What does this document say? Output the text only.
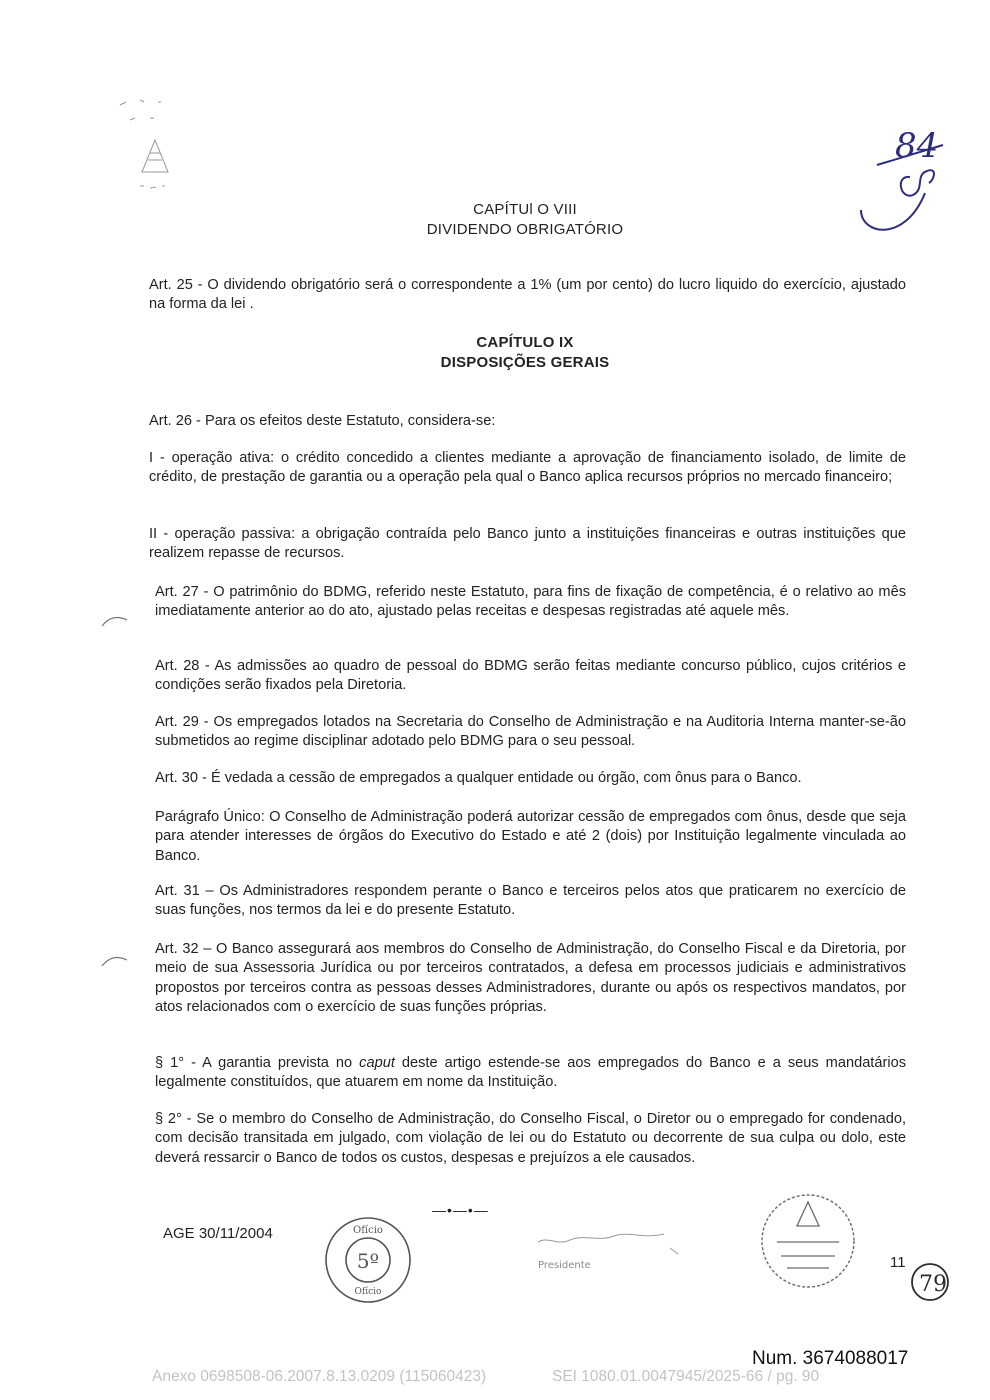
84
CAPÍTUl O VIII
DIVIDENDO OBRIGATÓRIO
Art. 25 - O dividendo obrigatório será o correspondente a 1% (um por cento) do lucro liquido do exercício, ajustado na forma da lei .
CAPÍTULO IX
DISPOSIÇÕES GERAIS
Art. 26 - Para os efeitos deste Estatuto, considera-se:
I - operação ativa: o crédito concedido a clientes mediante a aprovação de financiamento isolado, de limite de crédito, de prestação de garantia ou a operação pela qual o Banco aplica recursos próprios no mercado financeiro;
II - operação passiva: a obrigação contraída pelo Banco junto a instituições financeiras e outras instituições que realizem repasse de recursos.
Art. 27 - O patrimônio do BDMG, referido neste Estatuto, para fins de fixação de competência, é o relativo ao mês imediatamente anterior ao do ato, ajustado pelas receitas e despesas registradas até aquele mês.
Art. 28 - As admissões ao quadro de pessoal do BDMG serão feitas mediante concurso público, cujos critérios e condições serão fixados pela Diretoria.
Art. 29 - Os empregados lotados na Secretaria do Conselho de Administração e na Auditoria Interna manter-se-ão submetidos ao regime disciplinar adotado pelo BDMG para o seu pessoal.
Art. 30 - É vedada a cessão de empregados a qualquer entidade ou órgão, com ônus para o Banco.
Parágrafo Único: O Conselho de Administração poderá autorizar cessão de empregados com ônus, desde que seja para atender interesses de órgãos do Executivo do Estado e até 2 (dois) por Instituição legalmente vinculada ao Banco.
Art. 31 – Os Administradores respondem perante o Banco e terceiros pelos atos que praticarem no exercício de suas funções, nos termos da lei e do presente Estatuto.
Art. 32 – O Banco assegurará aos membros do Conselho de Administração, do Conselho Fiscal e da Diretoria, por meio de sua Assessoria Jurídica ou por terceiros contratados, a defesa em processos judiciais e administrativos propostos por terceiros contra as pessoas desses Administradores, durante ou após os respectivos mandatos, por atos relacionados com o exercício de suas funções próprias.
§ 1° - A garantia prevista no caput deste artigo estende-se aos empregados do Banco e a seus mandatários legalmente constituídos, que atuarem em nome da Instituição.
§ 2° - Se o membro do Conselho de Administração, do Conselho Fiscal, o Diretor ou o empregado for condenado, com decisão transitada em julgado, com violação de lei ou do Estatuto ou decorrente de sua culpa ou dolo, este deverá ressarcir o Banco de todos os custos, despesas e prejuízos a ele causados.
—•—•—
AGE 30/11/2004	Ofício
5º
Ofício
Presidente	11
79
Num. 3674088017
Anexo 0698508-06.2007.8.13.0209 (115060423)	SEI 1080.01.0047945/2025-66 / pg. 90
